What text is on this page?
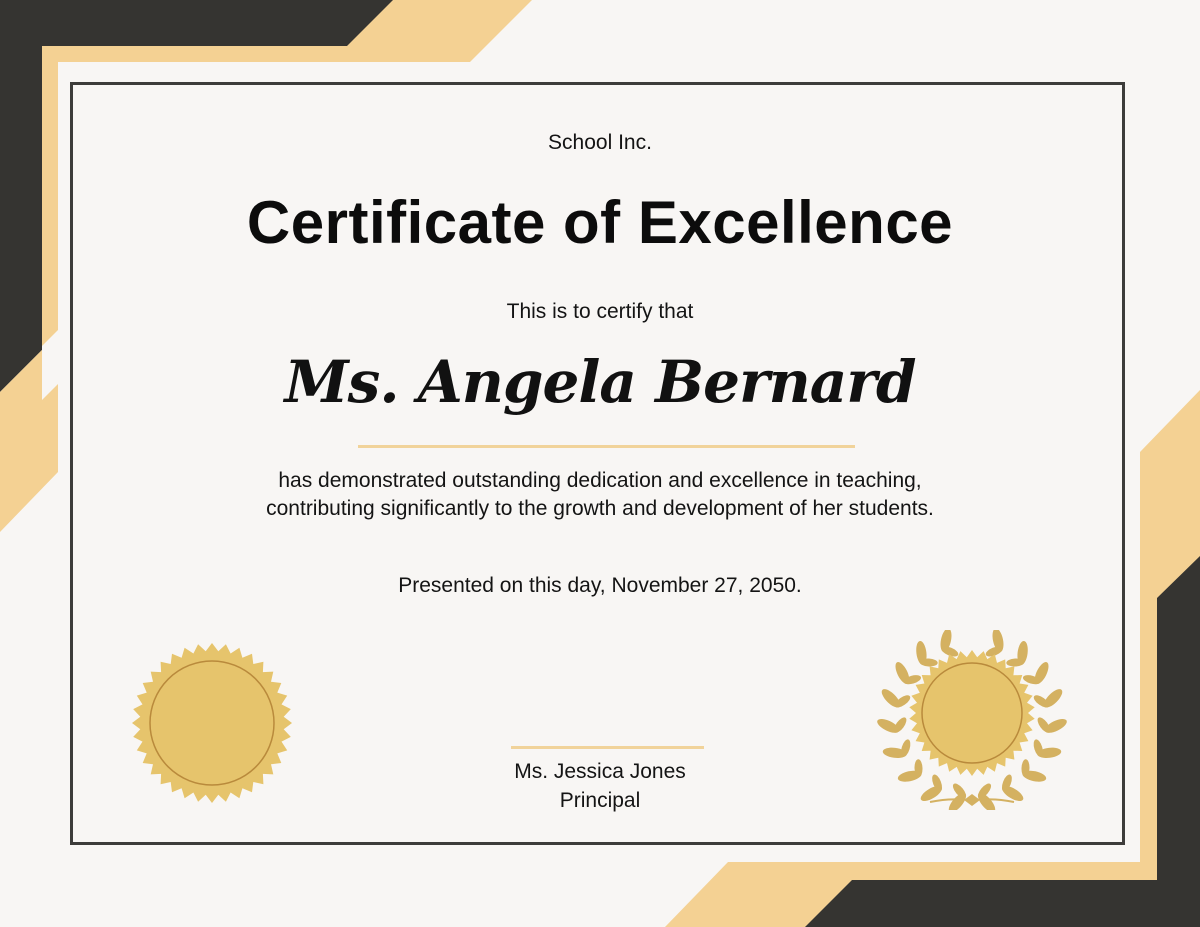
School Inc.

Certificate of Excellence

This is to certify that

Ms. Angela Bernard

has demonstrated outstanding dedication and excellence in teaching,
contributing significantly to the growth and development of her students.

Presented on this day, November 27, 2050.

Ms. Jessica Jones

Principal
